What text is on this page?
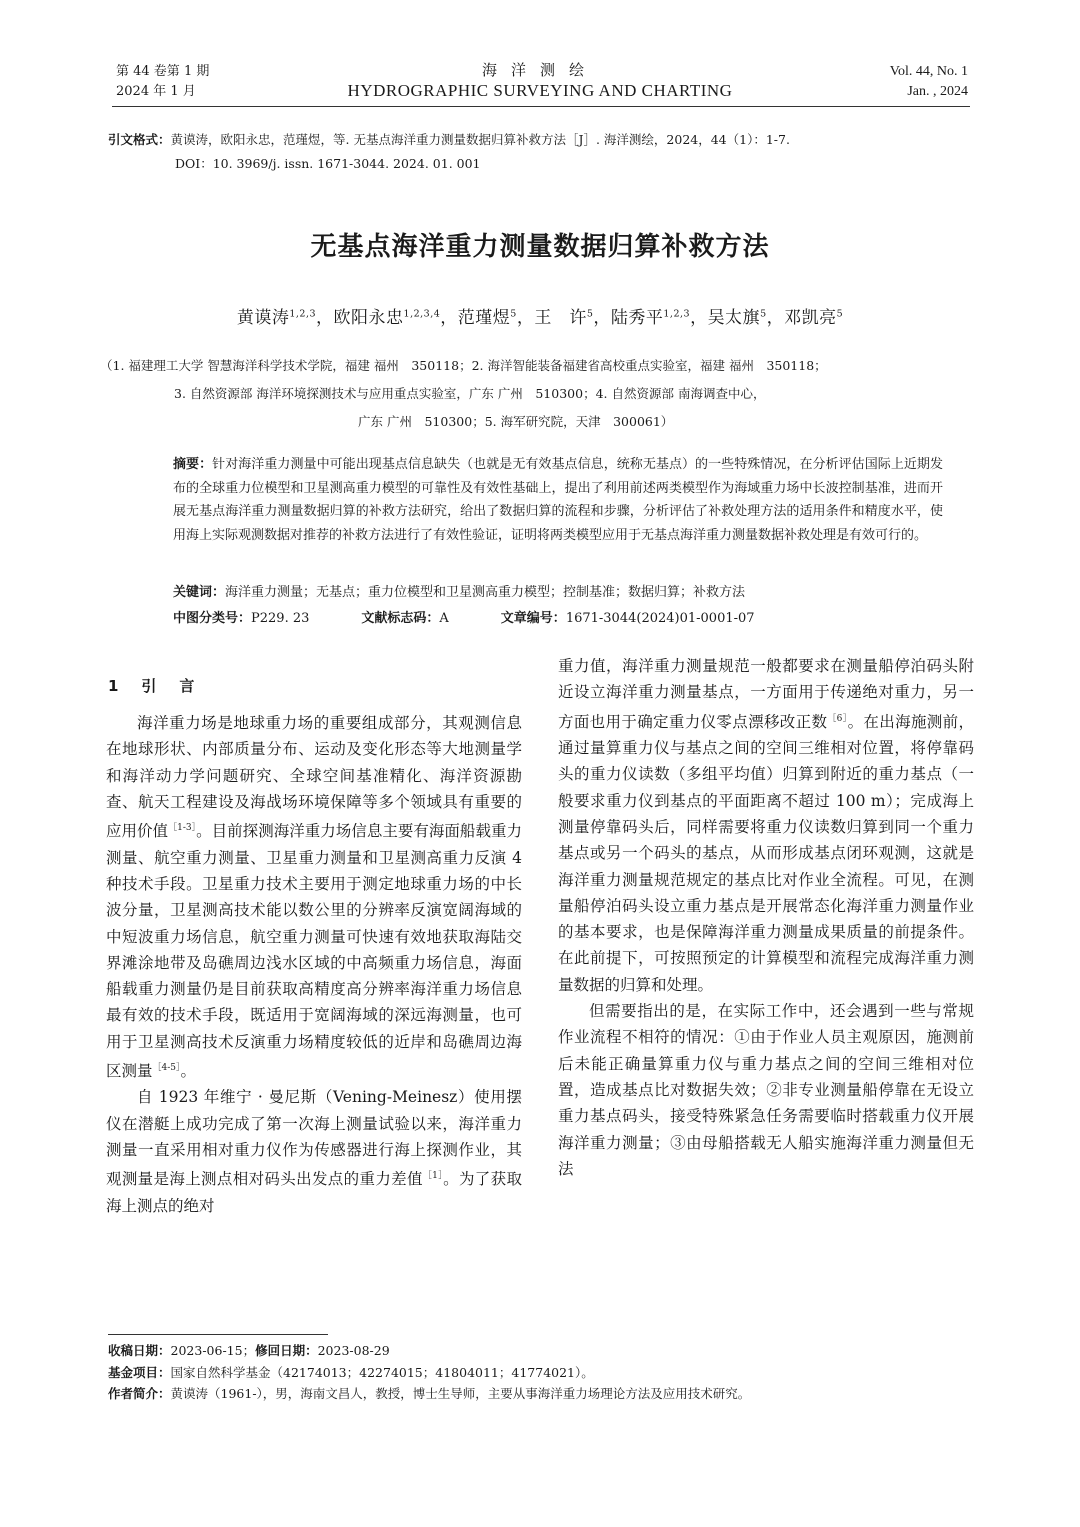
第 44 卷第 1 期
2024 年 1 月
海洋测绘
HYDROGRAPHIC SURVEYING AND CHARTING
Vol. 44, No. 1
Jan. , 2024
引文格式：黄谟涛，欧阳永忠，范瑾煜，等. 无基点海洋重力测量数据归算补救方法［J］. 海洋测绘，2024，44（1）：1-7.
DOI：10. 3969/j. issn. 1671-3044. 2024. 01. 001
无基点海洋重力测量数据归算补救方法
黄谟涛$^{1,2,3}$，欧阳永忠$^{1,2,3,4}$，范瑾煜$^5$，王　许$^5$，陆秀平$^{1,2,3}$，吴太旗$^5$，邓凯亮$^5$
（1. 福建理工大学 智慧海洋科学技术学院，福建 福州　350118；2. 海洋智能装备福建省高校重点实验室，福建 福州　350118；
3. 自然资源部 海洋环境探测技术与应用重点实验室，广东 广州　510300；4. 自然资源部 南海调查中心，
广东 广州　510300；5. 海军研究院，天津　300061）
摘要：针对海洋重力测量中可能出现基点信息缺失（也就是无有效基点信息，统称无基点）的一些特殊情况，在分析评估国际上近期发布的全球重力位模型和卫星测高重力模型的可靠性及有效性基础上，提出了利用前述两类模型作为海域重力场中长波控制基准，进而开展无基点海洋重力测量数据归算的补救方法研究，给出了数据归算的流程和步骤，分析评估了补救处理方法的适用条件和精度水平，使用海上实际观测数据对推荐的补救方法进行了有效性验证，证明将两类模型应用于无基点海洋重力测量数据补救处理是有效可行的。
关键词：海洋重力测量；无基点；重力位模型和卫星测高重力模型；控制基准；数据归算；补救方法
中图分类号：P229. 23	文献标志码：A	文章编号：1671-3044(2024)01-0001-07
1　引　言

海洋重力场是地球重力场的重要组成部分，其观测信息在地球形状、内部质量分布、运动及变化形态等大地测量学和海洋动力学问题研究、全球空间基准精化、海洋资源勘查、航天工程建设及海战场环境保障等多个领域具有重要的应用价值$^{[1-3]}$。目前探测海洋重力场信息主要有海面船载重力测量、航空重力测量、卫星重力测量和卫星测高重力反演 4 种技术手段。卫星重力技术主要用于测定地球重力场的中长波分量，卫星测高技术能以数公里的分辨率反演宽阔海域的中短波重力场信息，航空重力测量可快速有效地获取海陆交界滩涂地带及岛礁周边浅水区域的中高频重力场信息，海面船载重力测量仍是目前获取高精度高分辨率海洋重力场信息最有效的技术手段，既适用于宽阔海域的深远海测量，也可用于卫星测高技术反演重力场精度较低的近岸和岛礁周边海区测量$^{[4-5]}$。

自 1923 年维宁 · 曼尼斯（Vening-Meinesz）使用摆仪在潜艇上成功完成了第一次海上测量试验以来，海洋重力测量一直采用相对重力仪作为传感器进行海上探测作业，其观测量是海上测点相对码头出发点的重力差值$^{[1]}$。为了获取海上测点的绝对

重力值，海洋重力测量规范一般都要求在测量船停泊码头附近设立海洋重力测量基点，一方面用于传递绝对重力，另一方面也用于确定重力仪零点漂移改正数$^{[6]}$。在出海施测前，通过量算重力仪与基点之间的空间三维相对位置，将停靠码头的重力仪读数（多组平均值）归算到附近的重力基点（一般要求重力仪到基点的平面距离不超过 100 m）；完成海上测量停靠码头后，同样需要将重力仪读数归算到同一个重力基点或另一个码头的基点，从而形成基点闭环观测，这就是海洋重力测量规范规定的基点比对作业全流程。可见，在测量船停泊码头设立重力基点是开展常态化海洋重力测量作业的基本要求，也是保障海洋重力测量成果质量的前提条件。在此前提下，可按照预定的计算模型和流程完成海洋重力测量数据的归算和处理。

但需要指出的是，在实际工作中，还会遇到一些与常规作业流程不相符的情况：①由于作业人员主观原因，施测前后未能正确量算重力仪与重力基点之间的空间三维相对位置，造成基点比对数据失效；②非专业测量船停靠在无设立重力基点码头，接受特殊紧急任务需要临时搭载重力仪开展海洋重力测量；③由母船搭载无人船实施海洋重力测量但无法

收稿日期：2023-06-15；修回日期：2023-08-29
基金项目：国家自然科学基金（42174013；42274015；41804011；41774021）。
作者简介：黄谟涛（1961-），男，海南文昌人，教授，博士生导师，主要从事海洋重力场理论方法及应用技术研究。
